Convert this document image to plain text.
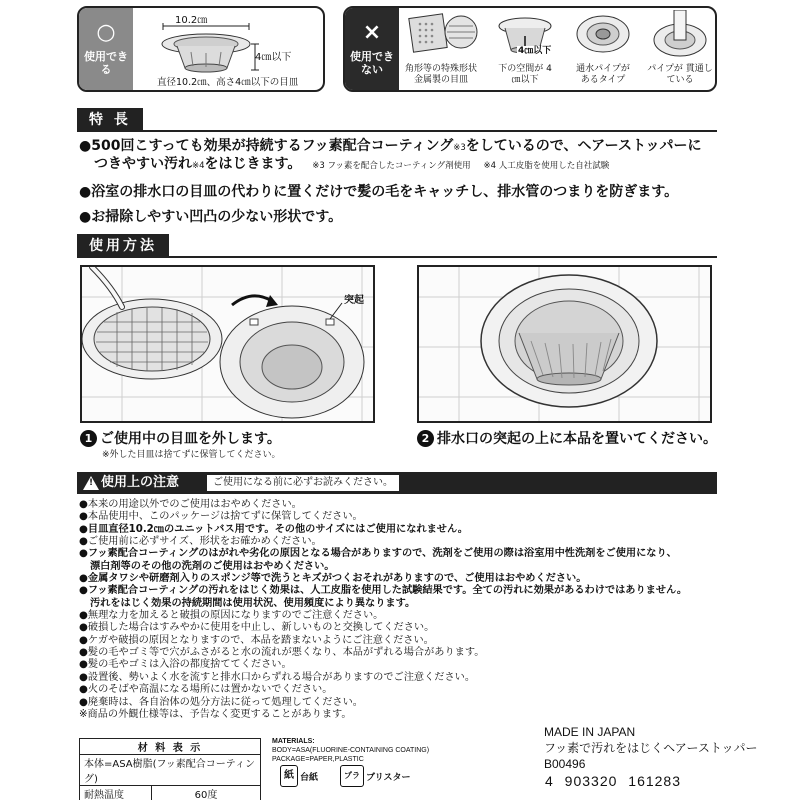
○
使用できる
10.2㎝
4㎝以下
直径10.2㎝、高さ4㎝以下の目皿
×
使用できない	角形等の特殊形状 金属製の目皿
4㎝以下
下の空間が 4㎝以下
通水パイプが あるタイプ
パイプが 貫通している
特 長
●500回こすっても効果が持続するフッ素配合コーティング※3をしているので、ヘアーストッパーに
つきやすい汚れ※4をはじきます。 ※3 フッ素を配合したコーティング剤使用 ※4 人工皮脂を使用した自社試験
●浴室の排水口の目皿の代わりに置くだけで髪の毛をキャッチし、排水管のつまりを防ぎます。
●お掃除しやすい凹凸の少ない形状です。
使用方法
突起
1 ご使用中の目皿を外します。
※外した目皿は捨てずに保管してください。
2 排水口の突起の上に本品を置いてください。
! 使用上の注意	ご使用になる前に必ずお読みください。
●本来の用途以外でのご使用はおやめください。
●本品使用中、このパッケージは捨てずに保管してください。
●目皿直径10.2㎝のユニットバス用です。その他のサイズにはご使用になれません。
●ご使用前に必ずサイズ、形状をお確かめください。
●フッ素配合コーティングのはがれや劣化の原因となる場合がありますので、洗剤をご使用の際は浴室用中性洗剤をご使用になり、
漂白剤等のその他の洗剤のご使用はおやめください。
●金属タワシや研磨剤入りのスポンジ等で洗うとキズがつくおそれがありますので、ご使用はおやめください。
●フッ素配合コーティングの汚れをはじく効果は、人工皮脂を使用した試験結果です。全ての汚れに効果があるわけではありません。
汚れをはじく効果の持続期間は使用状況、使用頻度により異なります。
●無理な力を加えると破損の原因になりますのでご注意ください。
●破損した場合はすみやかに使用を中止し、新しいものと交換してください。
●ケガや破損の原因となりますので、本品を踏まないようにご注意ください。
●髪の毛やゴミ等で穴がふさがると水の流れが悪くなり、本品がずれる場合があります。
●髪の毛やゴミは入浴の都度捨ててください。
●設置後、勢いよく水を流すと排水口からずれる場合がありますのでご注意ください。
●火のそばや高温になる場所には置かないでください。
●廃棄時は、各自治体の処分方法に従って処理してください。
※商品の外観仕様等は、予告なく変更することがあります。
材 料 表 示
本体=ASA樹脂(フッ素配合コーティング)
耐熱温度	60度
MATERIALS:
BODY=ASA(FLUORINE-CONTAINING COATING)
PACKAGE=PAPER,PLASTIC
紙 台紙	プラ ブリスター
MADE IN JAPAN
フッ素で汚れをはじくヘアーストッパー
B00496
4 903320 161283
